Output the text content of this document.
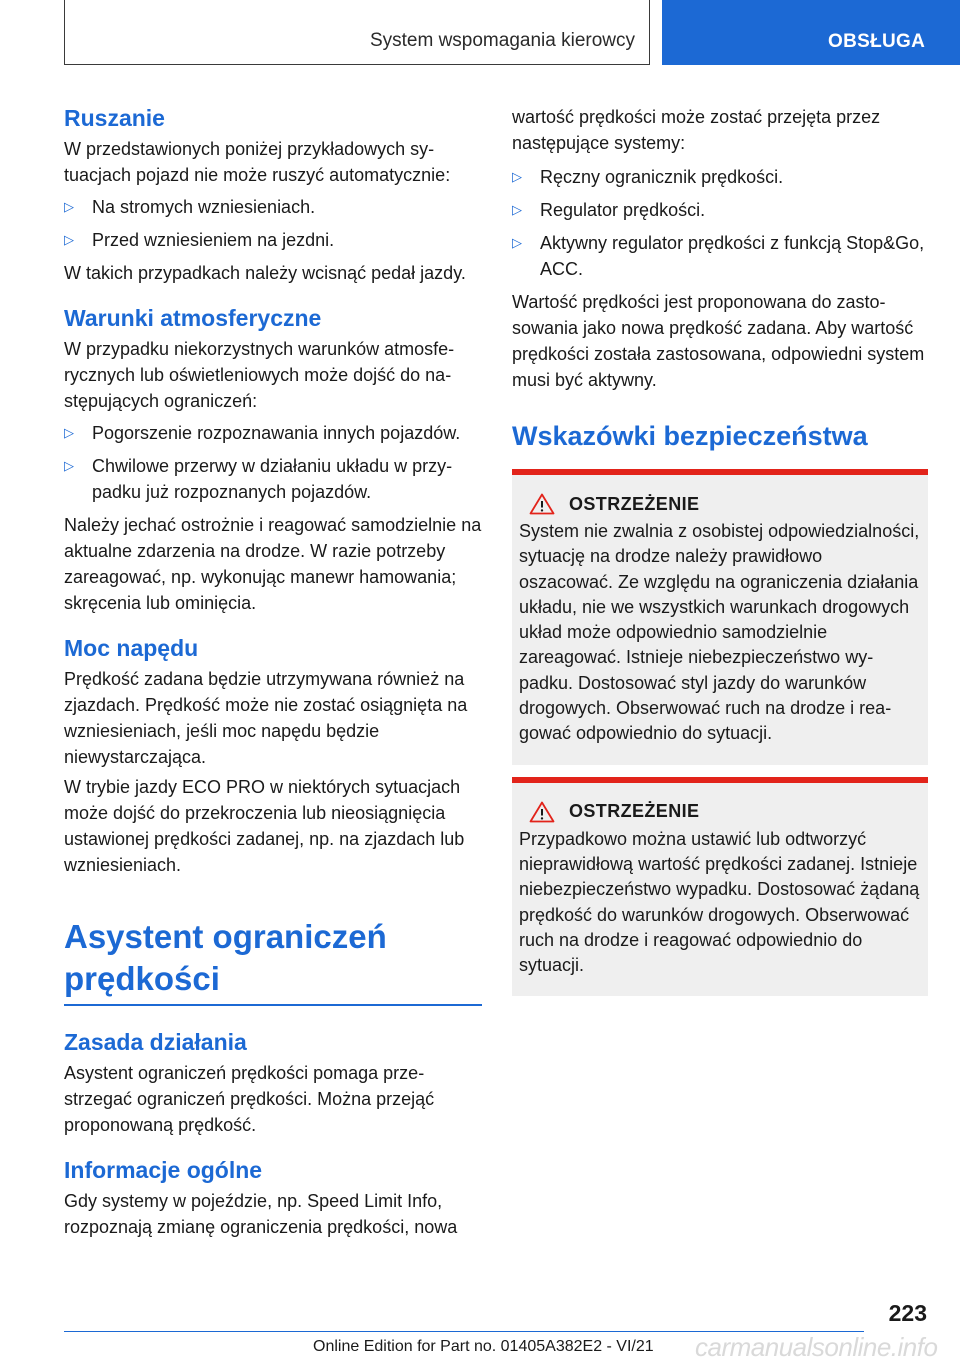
System wspomagania kierowcy	OBSŁUGA
Ruszanie

W przedstawionych poniżej przykładowych sytuacjach pojazd nie może ruszyć automatycznie:

▷	Na stromych wzniesieniach.
▷	Przed wzniesieniem na jezdni.

W takich przypadkach należy wcisnąć pedał jazdy.

Warunki atmosferyczne

W przypadku niekorzystnych warunków atmosferycznych lub oświetleniowych może dojść do następujących ograniczeń:

▷	Pogorszenie rozpoznawania innych pojazdów.
▷	Chwilowe przerwy w działaniu układu w przypadku już rozpoznanych pojazdów.

Należy jechać ostrożnie i reagować samodzielnie na aktualne zdarzenia na drodze. W razie potrzeby zareagować, np. wykonując manewr hamowania; skręcenia lub ominięcia.

Moc napędu

Prędkość zadana będzie utrzymywana również na zjazdach. Prędkość może nie zostać osiągnięta na wzniesieniach, jeśli moc napędu będzie niewystarczająca.

W trybie jazdy ECO PRO w niektórych sytuacjach może dojść do przekroczenia lub nieosiągnięcia ustawionej prędkości zadanej, np. na zjazdach lub wzniesieniach.

Asystent ograniczeń prędkości
Zasada działania

Asystent ograniczeń prędkości pomaga przestrzegać ograniczeń prędkości. Można przejąć proponowaną prędkość.

Informacje ogólne

Gdy systemy w pojeździe, np. Speed Limit Info, rozpoznają zmianę ograniczenia prędkości, nowa

wartość prędkości może zostać przejęta przez następujące systemy:

▷	Ręczny ogranicznik prędkości.
▷	Regulator prędkości.
▷	Aktywny regulator prędkości z funkcją Stop&Go, ACC.

Wartość prędkości jest proponowana do zastosowania jako nowa prędkość zadana. Aby wartość prędkości została zastosowana, odpowiedni system musi być aktywny.

Wskazówki bezpieczeństwa
OSTRZEŻENIE

System nie zwalnia z osobistej odpowiedzialności, sytuację na drodze należy prawidłowo oszacować. Ze względu na ograniczenia działania układu, nie we wszystkich warunkach drogowych układ może odpowiednio samodzielnie zareagować. Istnieje niebezpieczeństwo wypadku. Dostosować styl jazdy do warunków drogowych. Obserwować ruch na drodze i reagować odpowiednio do sytuacji.

OSTRZEŻENIE

Przypadkowo można ustawić lub odtworzyć nieprawidłową wartość prędkości zadanej. Istnieje niebezpieczeństwo wypadku. Dostosować żądaną prędkość do warunków drogowych. Obserwować ruch na drodze i reagować odpowiednio do sytuacji.

223
Online Edition for Part no. 01405A382E2 - VI/21 carmanualsonline.info
